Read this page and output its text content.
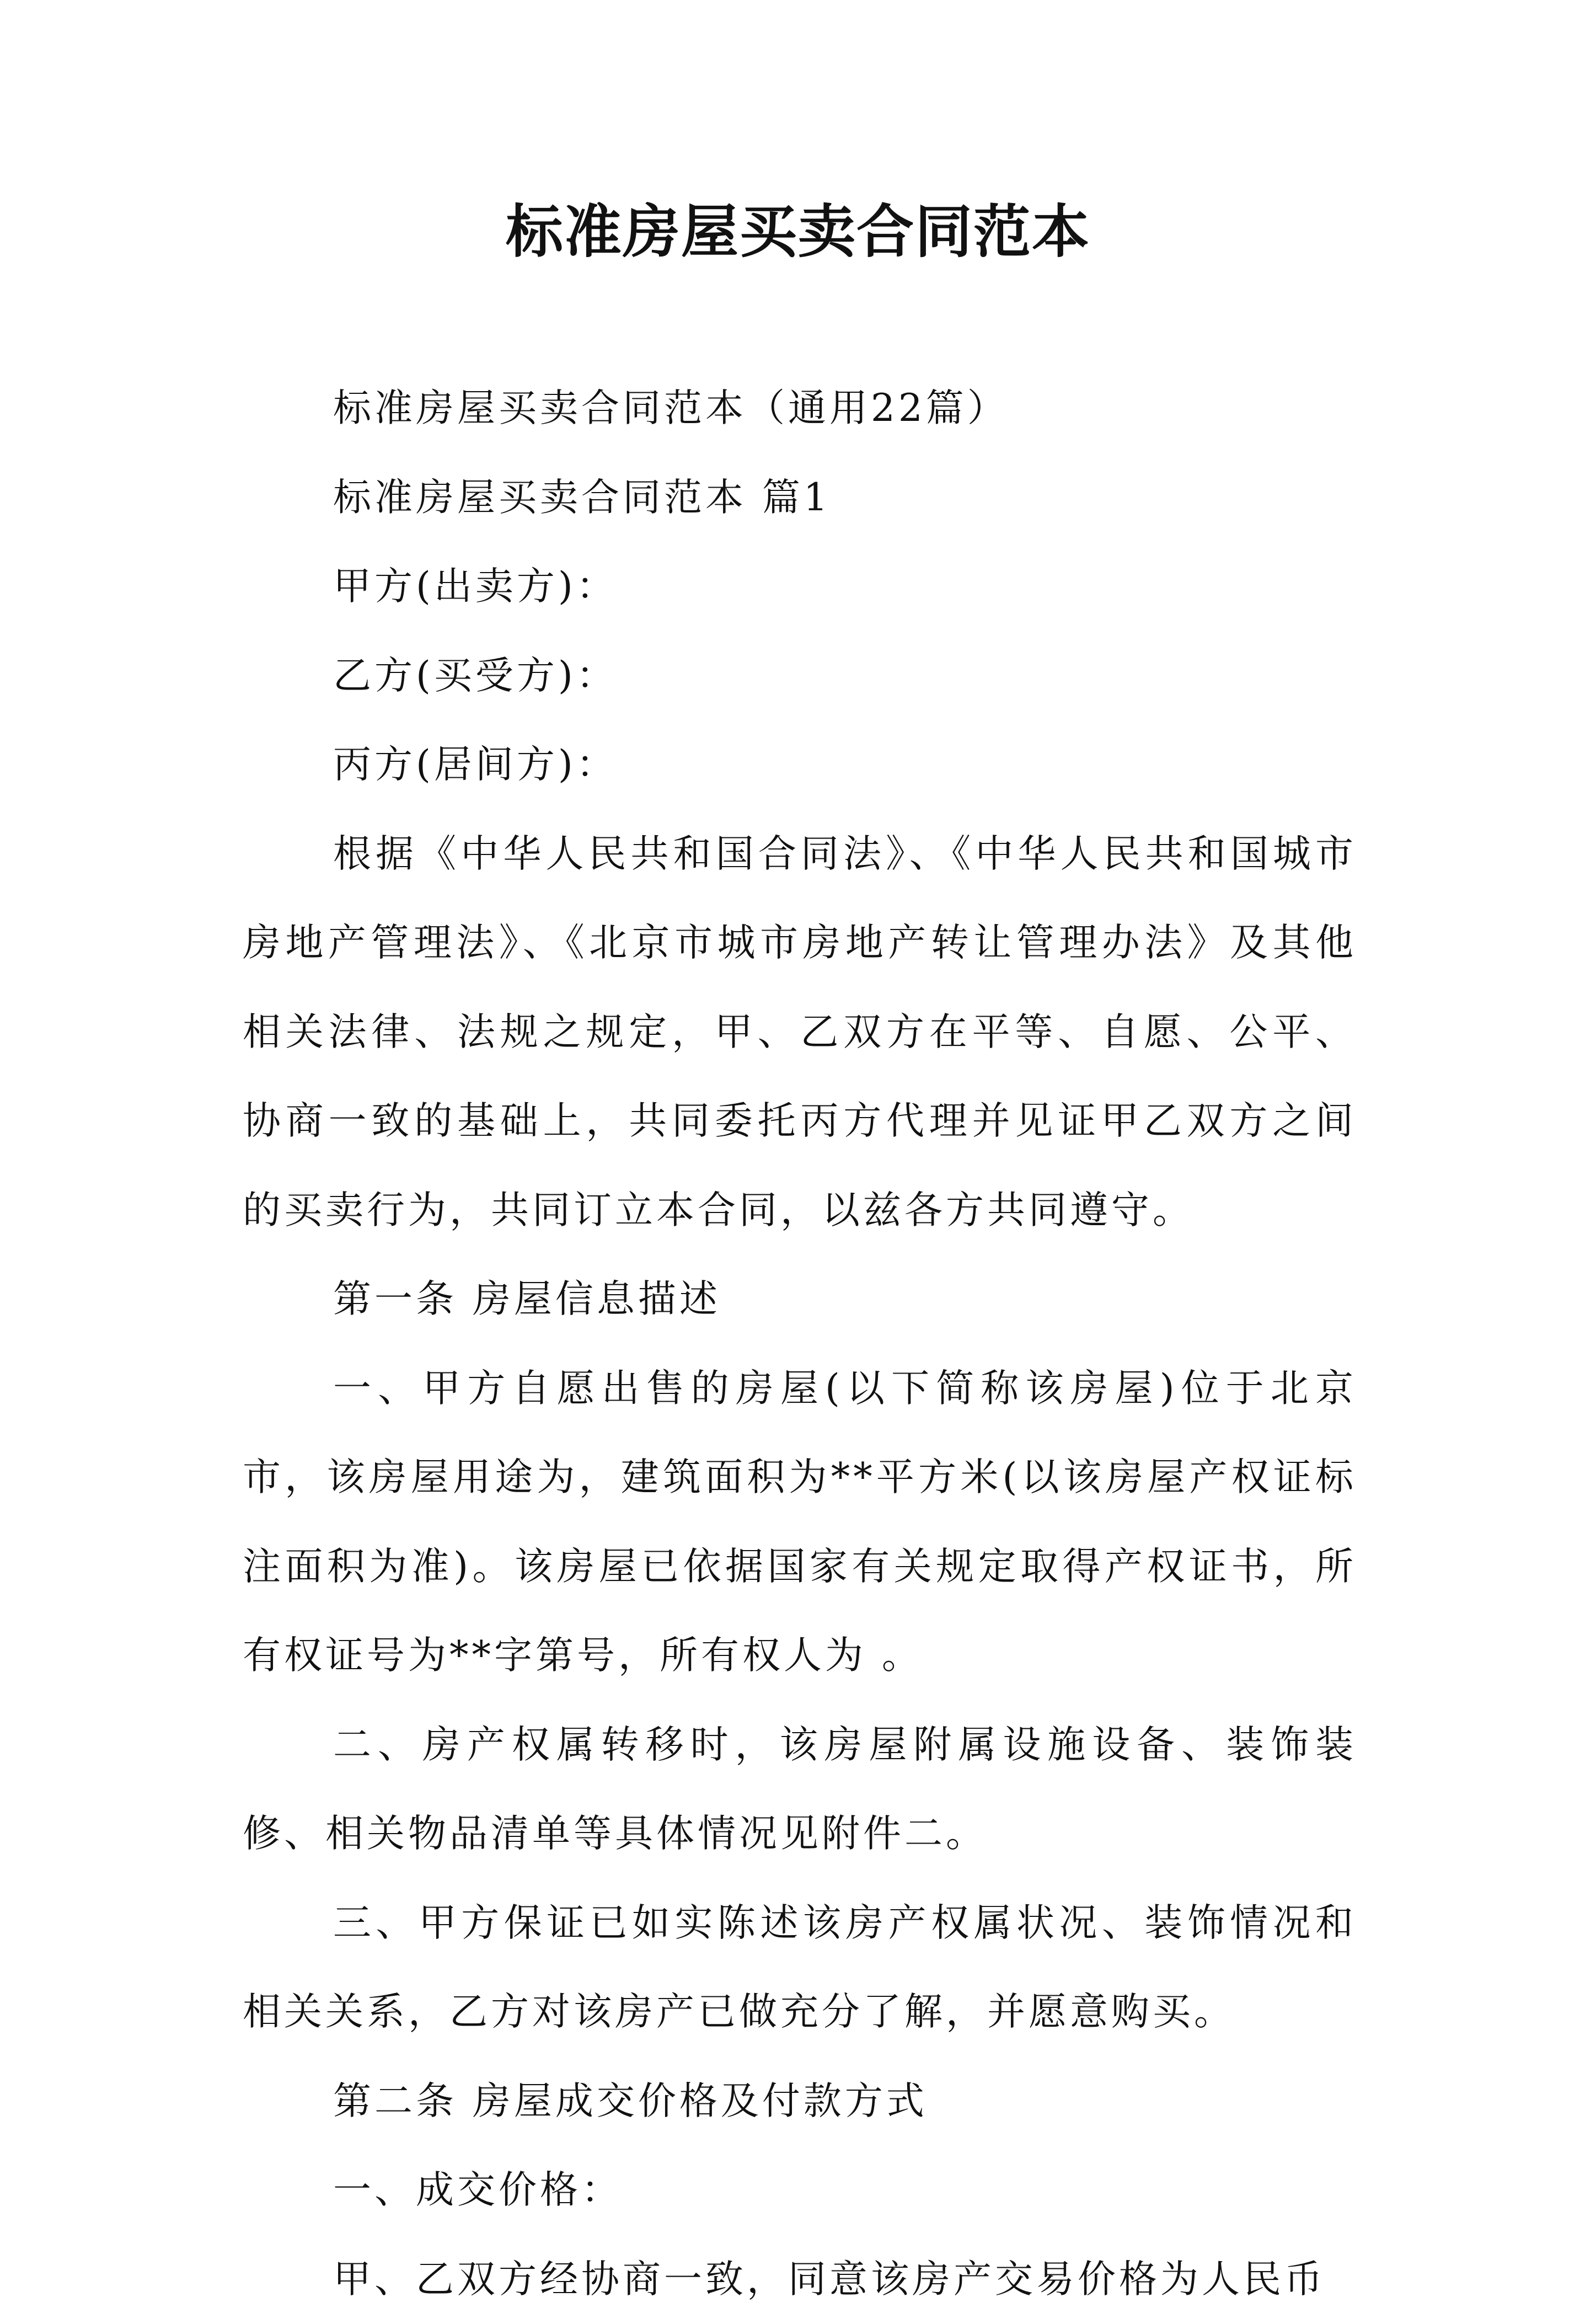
标准房屋买卖合同范本

标准房屋买卖合同范本（通用22篇）

标准房屋买卖合同范本 篇1

甲方(出卖方)：

乙方(买受方)：

丙方(居间方)：

根据《中华人民共和国合同法》、《中华人民共和国城市房地产管理法》、《北京市城市房地产转让管理办法》及其他相关法律、法规之规定，甲、乙双方在平等、自愿、公平、协商一致的基础上，共同委托丙方代理并见证甲乙双方之间的买卖行为，共同订立本合同，以兹各方共同遵守。

第一条 房屋信息描述

一、甲方自愿出售的房屋(以下简称该房屋)位于北京市，该房屋用途为，建筑面积为**平方米(以该房屋产权证标注面积为准)。该房屋已依据国家有关规定取得产权证书，所有权证号为**字第号，所有权人为 。

二、房产权属转移时，该房屋附属设施设备、装饰装修、相关物品清单等具体情况见附件二。

三、甲方保证已如实陈述该房产权属状况、装饰情况和相关关系，乙方对该房产已做充分了解，并愿意购买。

第二条 房屋成交价格及付款方式

一、成交价格：

甲、乙双方经协商一致，同意该房产交易价格为人民币
